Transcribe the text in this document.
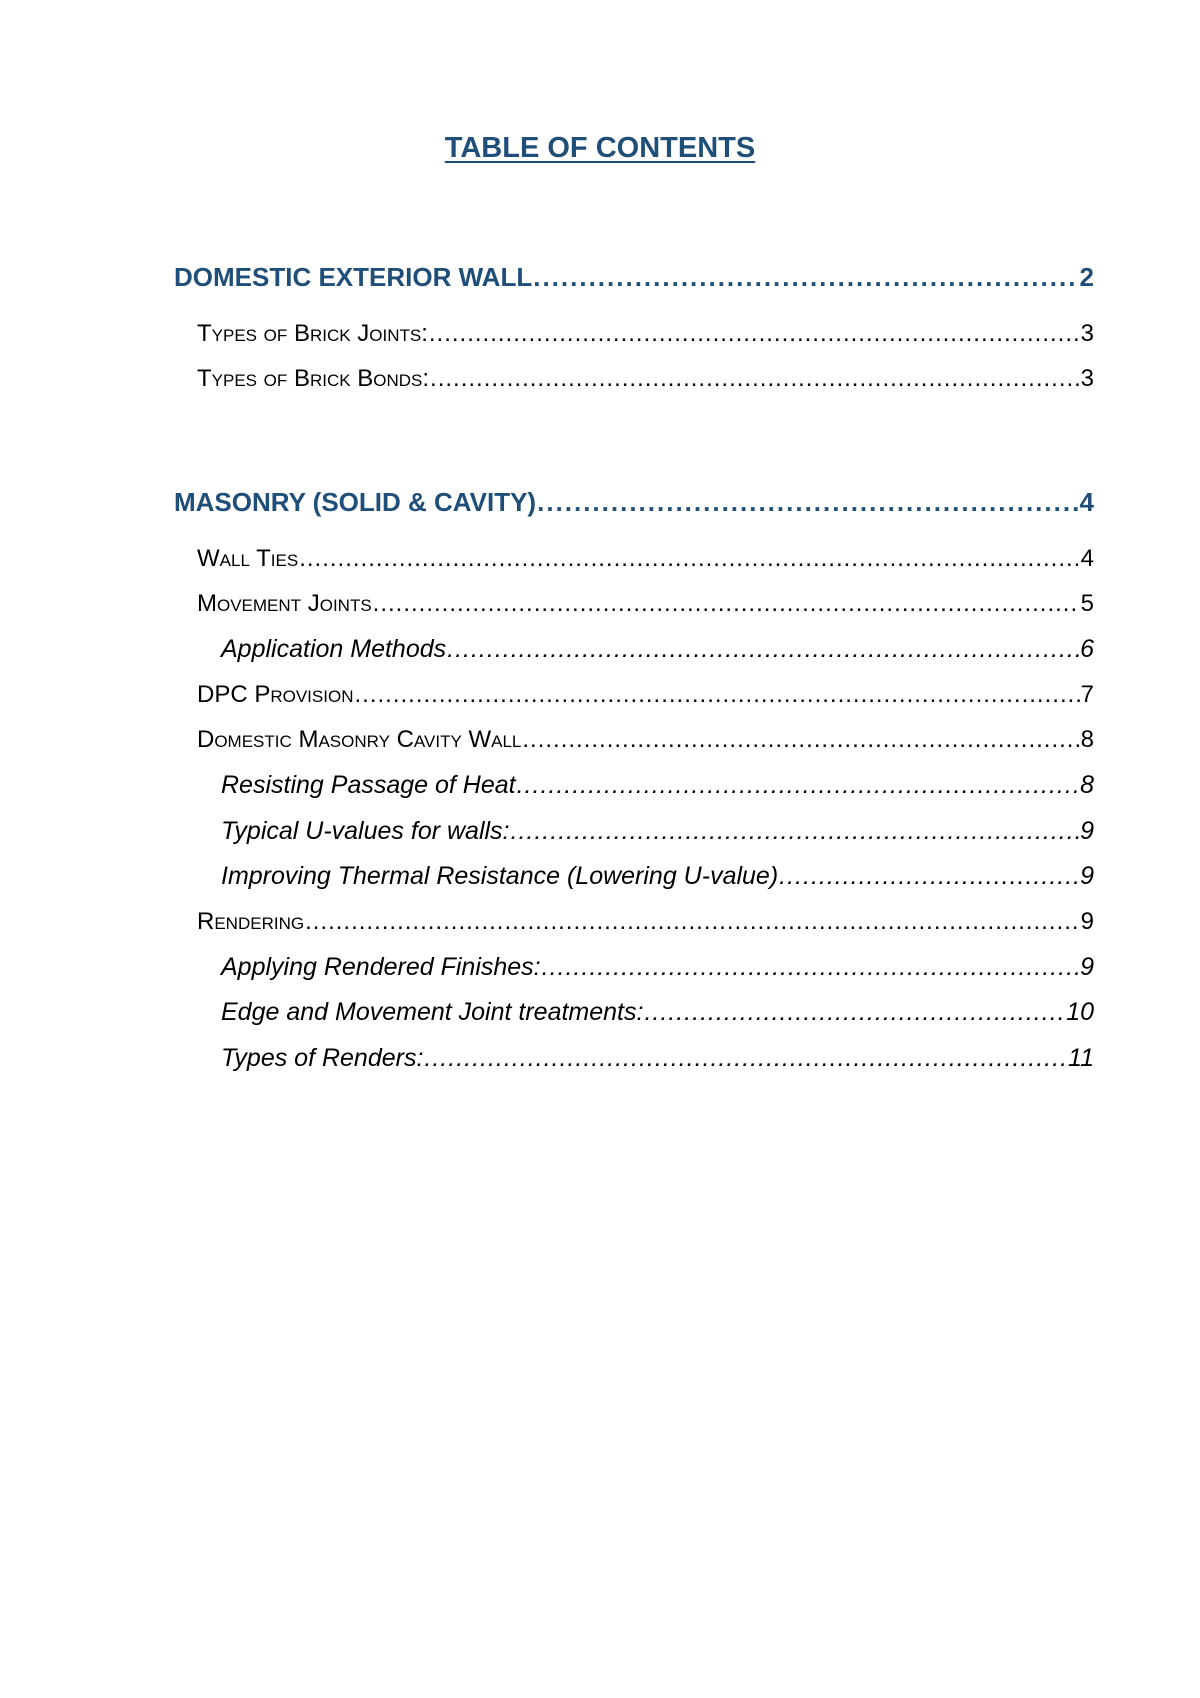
TABLE OF CONTENTS
DOMESTIC EXTERIOR WALL .....	2
Types of Brick Joints: .....	3
Types of Brick Bonds: .....	3
MASONRY (SOLID & CAVITY) .....	4
Wall Ties .....	4
Movement Joints .....	5
Application Methods .....	6
DPC Provision .....	7
Domestic Masonry Cavity Wall .....	8
Resisting Passage of Heat .....	8
Typical U-values for walls: .....	9
Improving Thermal Resistance (Lowering U-value) .....	9
Rendering .....	9
Applying Rendered Finishes: .....	9
Edge and Movement Joint treatments: .....	10
Types of Renders: .....	11
